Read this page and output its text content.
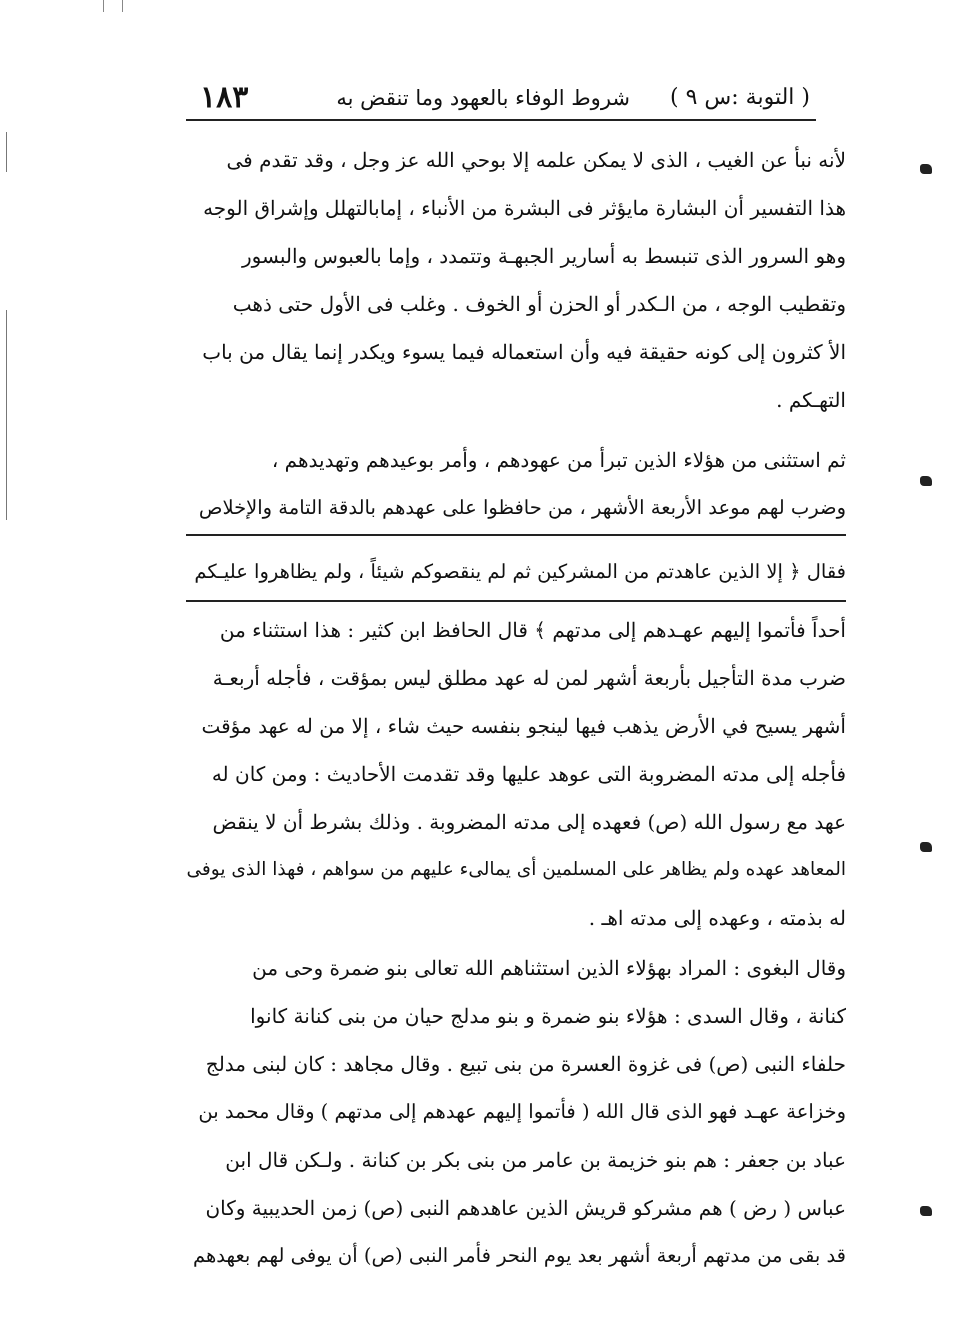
( التوبة :س ٩ )
شروط الوفاء بالعهود وما تنقض به
١٨٣
لأنه نبأ عن الغيب ، الذى لا يمكن علمه إلا بوحي الله عز وجل ، وقد تقدم فى
هذا التفسير أن البشارة مايؤثر فى البشرة من الأنباء ، إمابالتهلل وإشراق الوجه
وهو السرور الذى تنبسط به أسارير الجبهـة وتتمدد ، وإما بالعبوس والبسور
وتقطيب الوجه ، من الـكدر أو الحزن أو الخوف . وغلب فى الأول حتى ذهب
الأ كثرون إلى كونه حقيقة فيه وأن استعماله فيما يسوء ويكدر إنما يقال من باب
التهـكم .
ثم استثنى من هؤلاء الذين تبرأ من عهودهم ، وأمر بوعيدهم وتهديدهم ،
وضرب لهم موعد الأربعة الأشهر ، من حافظوا على عهدهم بالدقة التامة والإخلاص
فقال ﴿ إلا الذين عاهدتم من المشركين ثم لم ينقصوكم شيئاً ، ولم يظاهروا عليـكم
أحداً فأتموا إليهم عهـدهم إلى مدتهم ﴾ قال الحافظ ابن كثير : هذا استثناء من
ضرب مدة التأجيل بأربعة أشهر لمن له عهد مطلق ليس بمؤقت ، فأجله أربعـة
أشهر يسيح في الأرض يذهب فيها لينجو بنفسه حيث شاء ، إلا من له عهد مؤقت
فأجله إلى مدته المضروبة التى عوهد عليها وقد تقدمت الأحاديث : ومن كان له
عهد مع رسول الله (ص) فعهده إلى مدته المضروبة . وذلك بشرط أن لا ينقض
المعاهد عهده ولم يظاهر على المسلمين أى يمالىء عليهم من سواهم ، فهذا الذى يوفى
له بذمته ، وعهده إلى مدته اهـ .
وقال البغوى : المراد بهؤلاء الذين استثناهم الله تعالى بنو ضمرة وحى من
كنانة ، وقال السدى : هؤلاء بنو ضمرة و بنو مدلج حيان من بنى كنانة كانوا
حلفاء النبى (ص) فى غزوة العسرة من بنى تبيع . وقال مجاهد : كان لبنى مدلج
وخزاعة عهـد فهو الذى قال الله ( فأتموا إليهم عهدهم إلى مدتهم ) وقال محمد بن
عباد بن جعفر : هم بنو خزيمة بن عامر من بنى بكر بن كنانة . ولـكن قال ابن
عباس ( رض ) هم مشركو قريش الذين عاهدهم النبى (ص) زمن الحديبية وكان
قد بقى من مدتهم أربعة أشهر بعد يوم النحر فأمر النبى (ص) أن يوفى لهم بعهدهم
